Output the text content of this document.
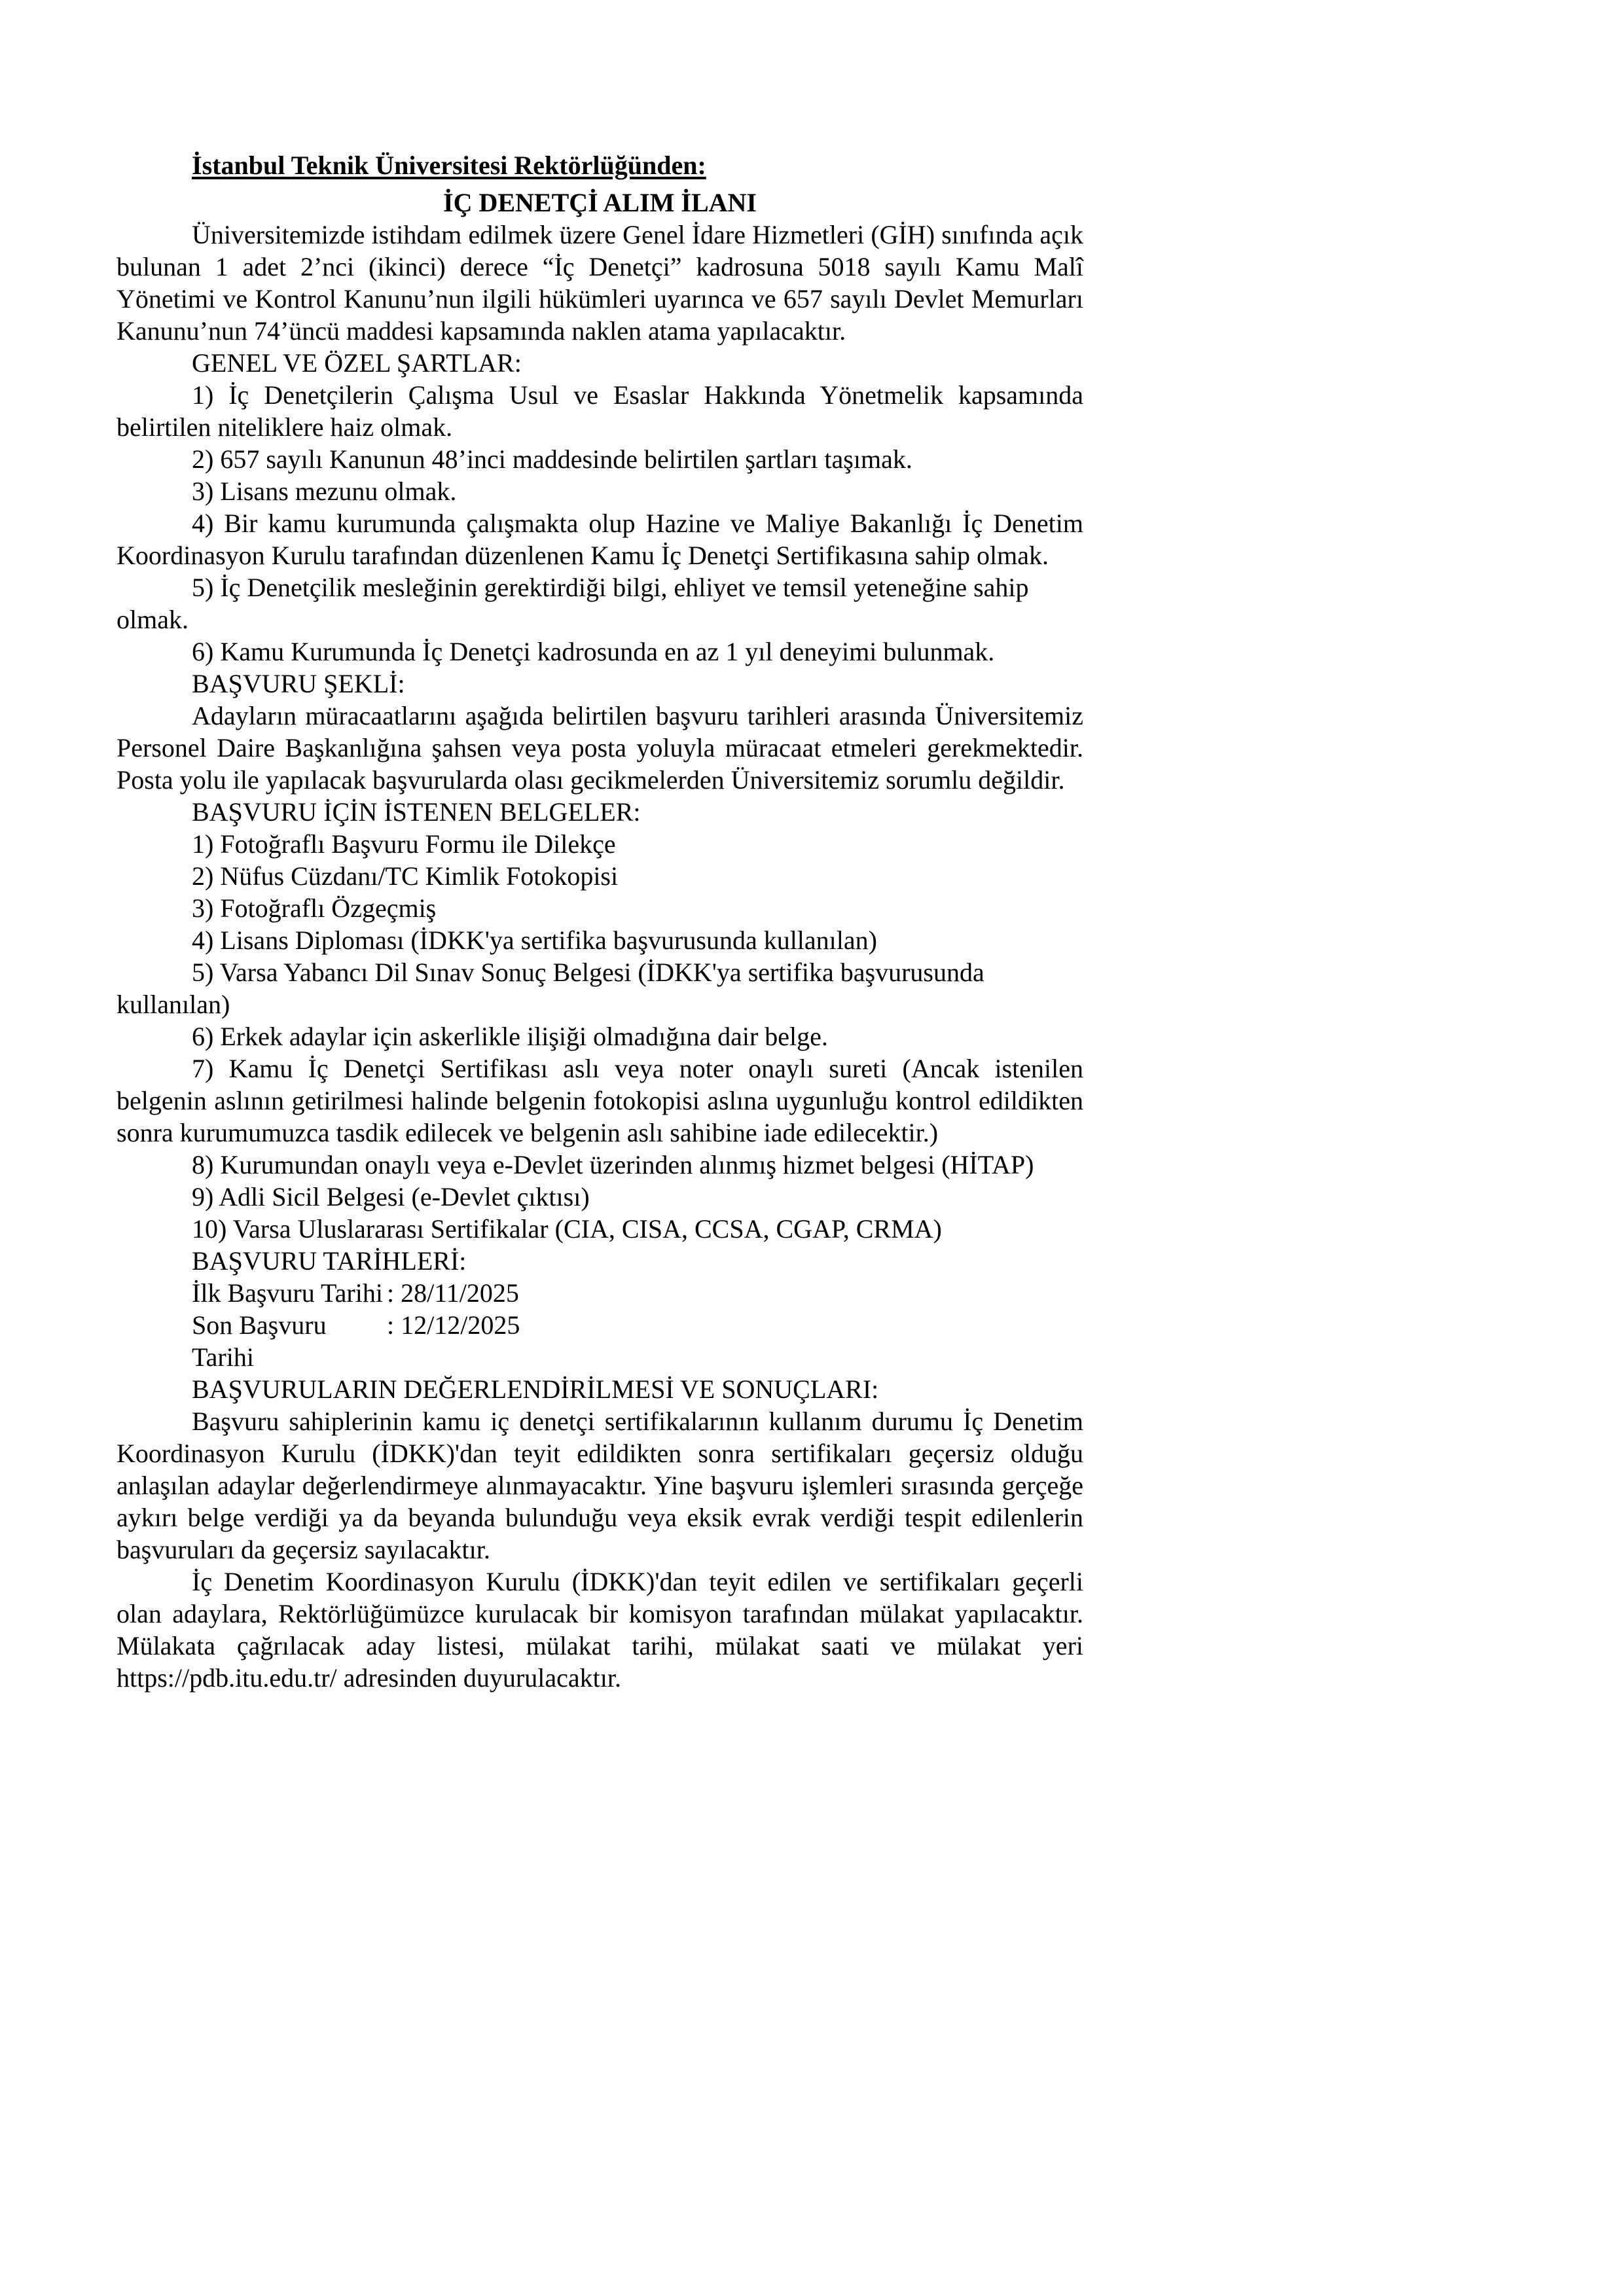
İstanbul Teknik Üniversitesi Rektörlüğünden:
İÇ DENETÇİ ALIM İLANI

Üniversitemizde istihdam edilmek üzere Genel İdare Hizmetleri (GİH) sınıfında açık bulunan 1 adet 2’nci (ikinci) derece “İç Denetçi” kadrosuna 5018 sayılı Kamu Malî Yönetimi ve Kontrol Kanunu’nun ilgili hükümleri uyarınca ve 657 sayılı Devlet Memurları Kanunu’nun 74’üncü maddesi kapsamında naklen atama yapılacaktır.

GENEL VE ÖZEL ŞARTLAR:

1) İç Denetçilerin Çalışma Usul ve Esaslar Hakkında Yönetmelik kapsamında belirtilen niteliklere haiz olmak.

2) 657 sayılı Kanunun 48’inci maddesinde belirtilen şartları taşımak.

3) Lisans mezunu olmak.

4) Bir kamu kurumunda çalışmakta olup Hazine ve Maliye Bakanlığı İç Denetim Koordinasyon Kurulu tarafından düzenlenen Kamu İç Denetçi Sertifikasına sahip olmak.

5) İç Denetçilik mesleğinin gerektirdiği bilgi, ehliyet ve temsil yeteneğine sahip olmak.

6) Kamu Kurumunda İç Denetçi kadrosunda en az 1 yıl deneyimi bulunmak.

BAŞVURU ŞEKLİ:

Adayların müracaatlarını aşağıda belirtilen başvuru tarihleri arasında Üniversitemiz Personel Daire Başkanlığına şahsen veya posta yoluyla müracaat etmeleri gerekmektedir. Posta yolu ile yapılacak başvurularda olası gecikmelerden Üniversitemiz sorumlu değildir.

BAŞVURU İÇİN İSTENEN BELGELER:

1) Fotoğraflı Başvuru Formu ile Dilekçe

2) Nüfus Cüzdanı/TC Kimlik Fotokopisi

3) Fotoğraflı Özgeçmiş

4) Lisans Diploması (İDKK'ya sertifika başvurusunda kullanılan)

5) Varsa Yabancı Dil Sınav Sonuç Belgesi (İDKK'ya sertifika başvurusunda kullanılan)

6) Erkek adaylar için askerlikle ilişiği olmadığına dair belge.

7) Kamu İç Denetçi Sertifikası aslı veya noter onaylı sureti (Ancak istenilen belgenin aslının getirilmesi halinde belgenin fotokopisi aslına uygunluğu kontrol edildikten sonra kurumumuzca tasdik edilecek ve belgenin aslı sahibine iade edilecektir.)

8) Kurumundan onaylı veya e-Devlet üzerinden alınmış hizmet belgesi (HİTAP)

9) Adli Sicil Belgesi (e-Devlet çıktısı)

10) Varsa Uluslararası Sertifikalar (CIA, CISA, CCSA, CGAP, CRMA)

BAŞVURU TARİHLERİ:

İlk Başvuru Tarihi : 28/11/2025
Son Başvuru Tarihi
: 12/12/2025

BAŞVURULARIN DEĞERLENDİRİLMESİ VE SONUÇLARI:

Başvuru sahiplerinin kamu iç denetçi sertifikalarının kullanım durumu İç Denetim Koordinasyon Kurulu (İDKK)'dan teyit edildikten sonra sertifikaları geçersiz olduğu anlaşılan adaylar değerlendirmeye alınmayacaktır. Yine başvuru işlemleri sırasında gerçeğe aykırı belge verdiği ya da beyanda bulunduğu veya eksik evrak verdiği tespit edilenlerin başvuruları da geçersiz sayılacaktır.

İç Denetim Koordinasyon Kurulu (İDKK)'dan teyit edilen ve sertifikaları geçerli olan adaylara, Rektörlüğümüzce kurulacak bir komisyon tarafından mülakat yapılacaktır. Mülakata çağrılacak aday listesi, mülakat tarihi, mülakat saati ve mülakat yeri https://pdb.itu.edu.tr/ adresinden duyurulacaktır.
